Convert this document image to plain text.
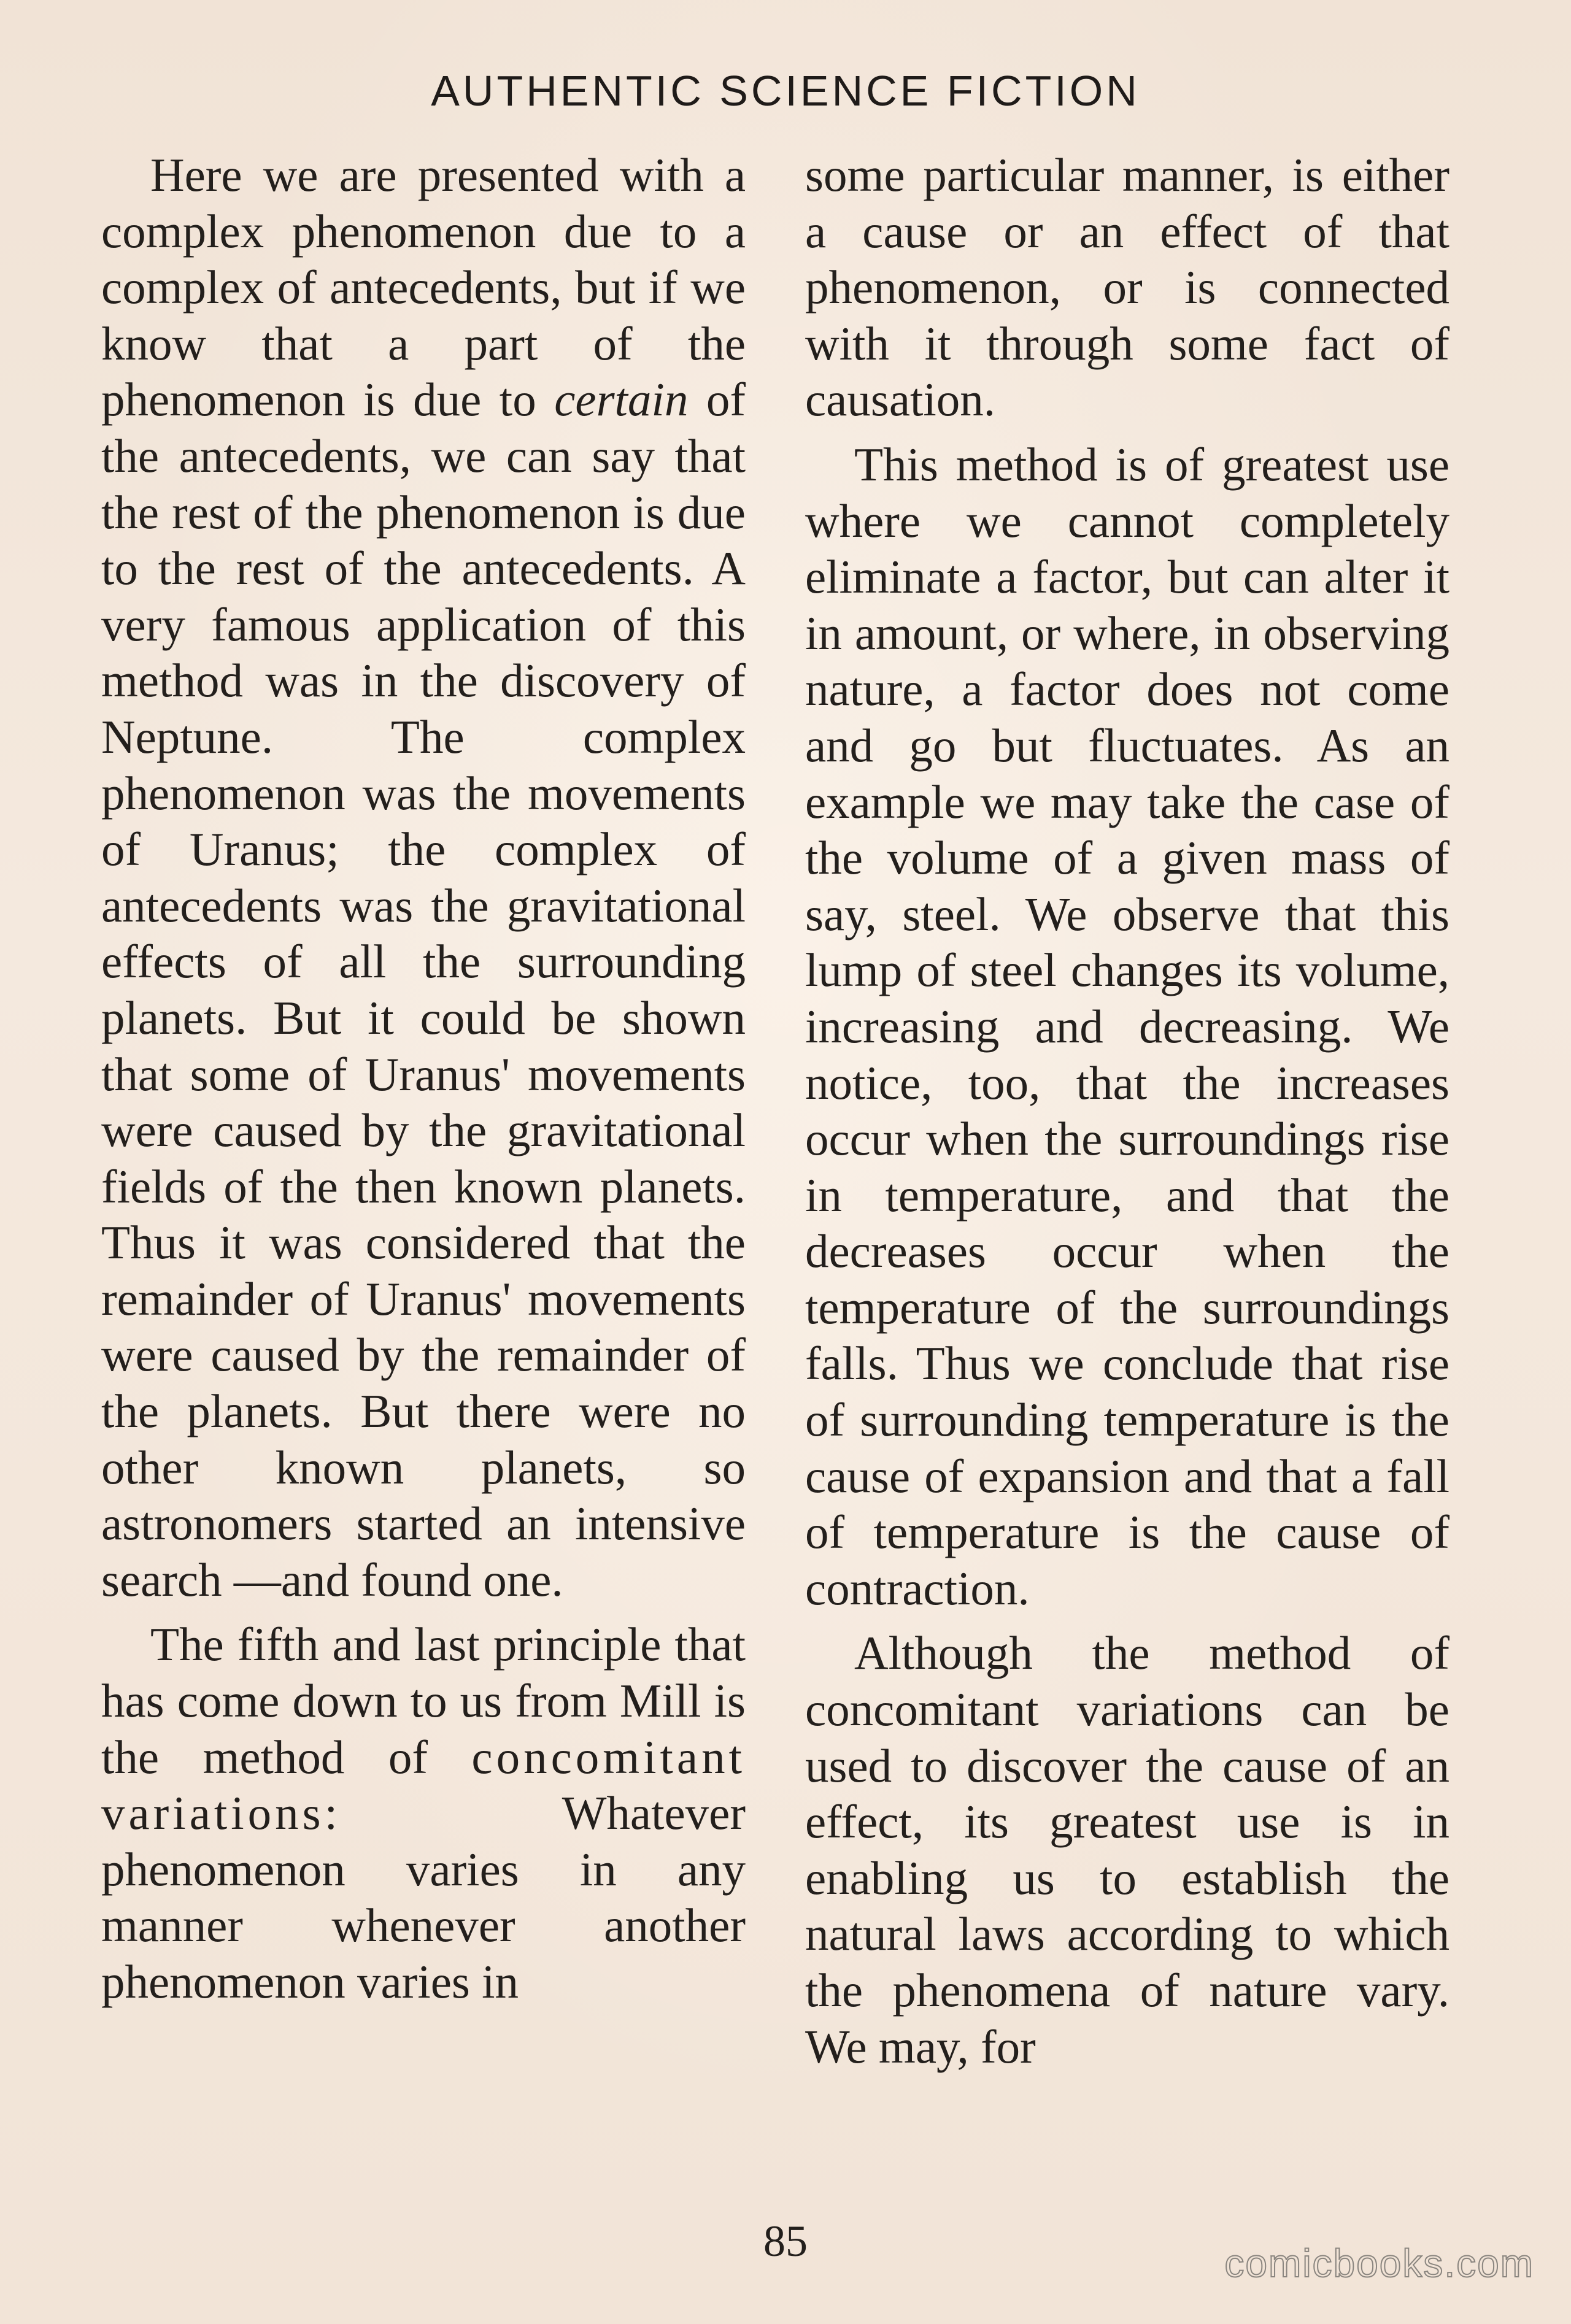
AUTHENTIC SCIENCE FICTION

Here we are presented with a complex phenomenon due to a complex of antecedents, but if we know that a part of the phenomenon is due to certain of the antecedents, we can say that the rest of the phenomenon is due to the rest of the antecedents. A very famous application of this method was in the discovery of Neptune. The complex phenomenon was the movements of Uranus; the complex of antecedents was the gravitational effects of all the surrounding planets. But it could be shown that some of Uranus' movements were caused by the gravitational fields of the then known planets. Thus it was considered that the remainder of Uranus' movements were caused by the remainder of the planets. But there were no other known planets, so astronomers started an intensive search —and found one.

The fifth and last principle that has come down to us from Mill is the method of concomitant variations: Whatever phenomenon varies in any manner whenever another phenomenon varies in

some particular manner, is either a cause or an effect of that phenomenon, or is connected with it through some fact of causation.

This method is of greatest use where we cannot completely eliminate a factor, but can alter it in amount, or where, in observing nature, a factor does not come and go but fluctuates. As an example we may take the case of the volume of a given mass of say, steel. We observe that this lump of steel changes its volume, increasing and decreasing. We notice, too, that the increases occur when the surroundings rise in temperature, and that the decreases occur when the temperature of the surroundings falls. Thus we conclude that rise of surrounding temperature is the cause of expansion and that a fall of temperature is the cause of contraction.

Although the method of concomitant variations can be used to discover the cause of an effect, its greatest use is in enabling us to establish the natural laws according to which the phenomena of nature vary. We may, for

85	comicbooks.com
